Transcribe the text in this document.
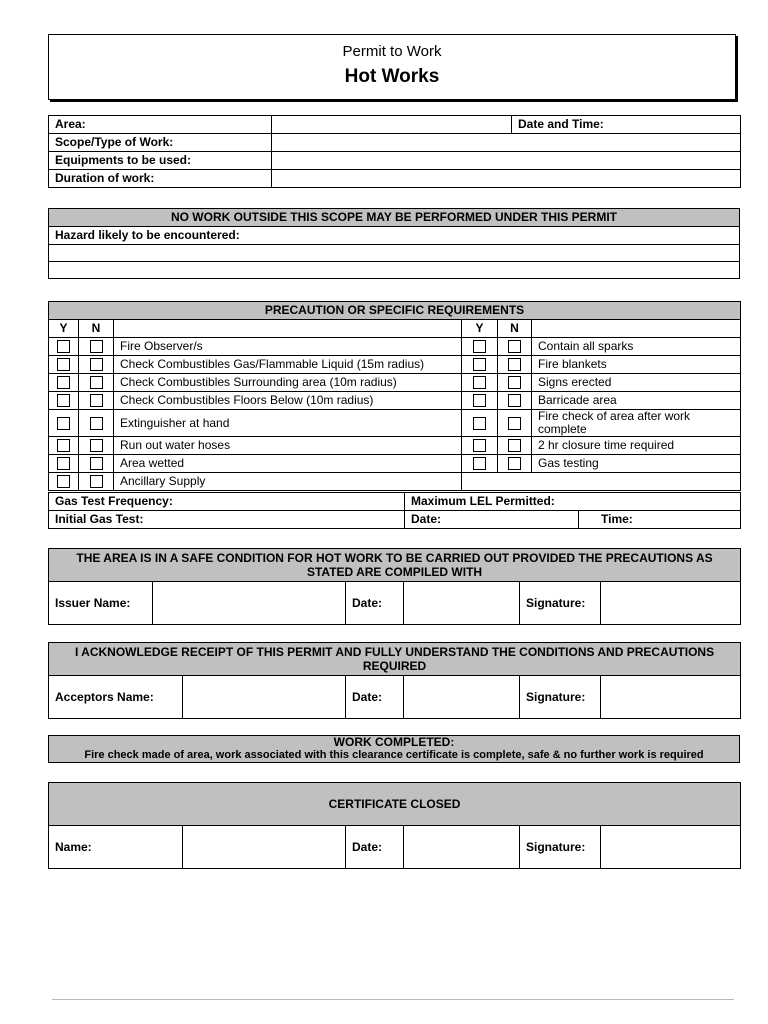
Permit to Work
Hot Works
Area:		Date and Time:
Scope/Type of Work:		
Equipments to be used:		
Duration of work:		
NO WORK OUTSIDE THIS SCOPE MAY BE PERFORMED UNDER THIS PERMIT
Hazard likely to be encountered:

PRECAUTION OR SPECIFIC REQUIREMENTS					
Y	N		Y	N	
		Fire Observer/s			Contain all sparks
		Check Combustibles Gas/Flammable Liquid (15m radius)			Fire blankets
		Check Combustibles Surrounding area (10m radius)			Signs erected
		Check Combustibles Floors Below (10m radius)			Barricade area
		Extinguisher at hand			Fire check of area after work complete
		Run out water hoses			2 hr closure time required
		Area wetted			Gas testing
		Ancillary Supply			
Gas Test Frequency:	Maximum LEL Permitted:	
Initial Gas Test:	Date:	Time:
THE AREA IS IN A SAFE CONDITION FOR HOT WORK TO BE CARRIED OUT PROVIDED THE PRECAUTIONS AS STATED ARE COMPILED WITH
Issuer Name:		Date:		Signature:	
I ACKNOWLEDGE RECEIPT OF THIS PERMIT AND FULLY UNDERSTAND THE CONDITIONS AND PRECAUTIONS REQUIRED
Acceptors Name:		Date:		Signature:	
WORK COMPLETED:
Fire check made of area, work associated with this clearance certificate is complete, safe & no further work is required
CERTIFICATE CLOSED
Name:		Date:		Signature:	
